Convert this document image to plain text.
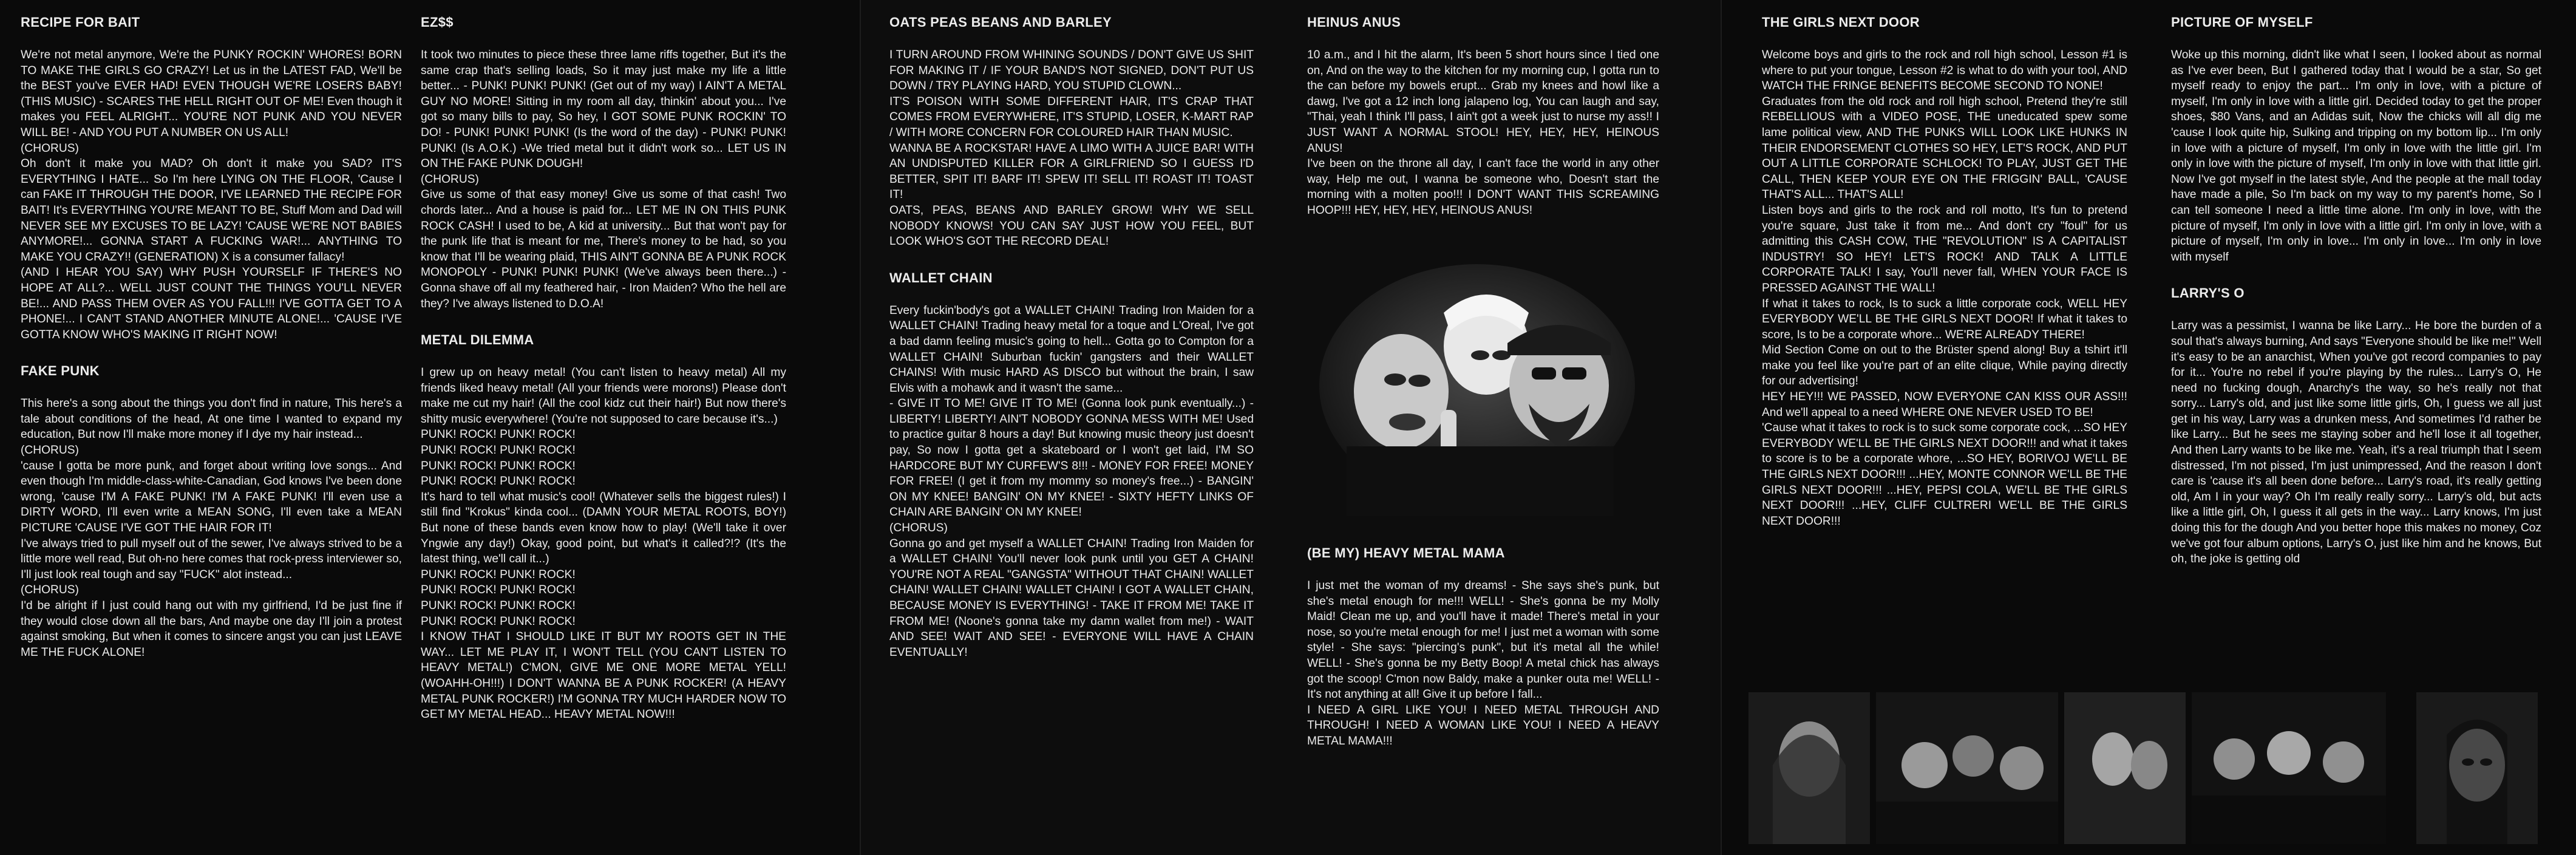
RECIPE FOR BAIT
We're not metal anymore, We're the PUNKY ROCKIN' WHORES! BORN TO MAKE THE GIRLS GO CRAZY! Let us in the LATEST FAD, We'll be the BEST you've EVER HAD! EVEN THOUGH WE'RE LOSERS BABY! (THIS MUSIC) - SCARES THE HELL RIGHT OUT OF ME! Even though it makes you FEEL ALRIGHT... YOU'RE NOT PUNK AND YOU NEVER WILL BE! - AND YOU PUT A NUMBER ON US ALL!
(CHORUS)
Oh don't it make you MAD? Oh don't it make you SAD? IT'S EVERYTHING I HATE... So I'm here LYING ON THE FLOOR, 'Cause I can FAKE IT THROUGH THE DOOR, I'VE LEARNED THE RECIPE FOR BAIT! It's EVERYTHING YOU'RE MEANT TO BE, Stuff Mom and Dad will NEVER SEE MY EXCUSES TO BE LAZY! 'CAUSE WE'RE NOT BABIES ANYMORE!... GONNA START A FUCKING WAR!... ANYTHING TO MAKE YOU CRAZY!! (GENERATION) X is a consumer fallacy!
(AND I HEAR YOU SAY) WHY PUSH YOURSELF IF THERE'S NO HOPE AT ALL?... WELL JUST COUNT THE THINGS YOU'LL NEVER BE!... AND PASS THEM OVER AS YOU FALL!!! I'VE GOTTA GET TO A PHONE!... I CAN'T STAND ANOTHER MINUTE ALONE!... 'CAUSE I'VE GOTTA KNOW WHO'S MAKING IT RIGHT NOW!
FAKE PUNK
This here's a song about the things you don't find in nature, This here's a tale about conditions of the head, At one time I wanted to expand my education, But now I'll make more money if I dye my hair instead...
(CHORUS)
'cause I gotta be more punk, and forget about writing love songs... And even though I'm middle-class-white-Canadian, God knows I've been done wrong, 'cause I'M A FAKE PUNK! I'M A FAKE PUNK! I'll even use a DIRTY WORD, I'll even write a MEAN SONG, I'll even take a MEAN PICTURE 'CAUSE I'VE GOT THE HAIR FOR IT!
I've always tried to pull myself out of the sewer, I've always strived to be a little more well read, But oh-no here comes that rock-press interviewer so, I'll just look real tough and say "FUCK" alot instead...
(CHORUS)
I'd be alright if I just could hang out with my girlfriend, I'd be just fine if they would close down all the bars, And maybe one day I'll join a protest against smoking, But when it comes to sincere angst you can just LEAVE ME THE FUCK ALONE!
EZ$$
It took two minutes to piece these three lame riffs together, But it's the same crap that's selling loads, So it may just make my life a little better... - PUNK! PUNK! PUNK! (Get out of my way) I AIN'T A METAL GUY NO MORE! Sitting in my room all day, thinkin' about you... I've got so many bills to pay, So hey, I GOT SOME PUNK ROCKIN' TO DO! - PUNK! PUNK! PUNK! (Is the word of the day) - PUNK! PUNK! PUNK! (Is A.O.K.) -We tried metal but it didn't work so... LET US IN ON THE FAKE PUNK DOUGH!
(CHORUS)
Give us some of that easy money! Give us some of that cash! Two chords later... And a house is paid for... LET ME IN ON THIS PUNK ROCK CASH! I used to be, A kid at university... But that won't pay for the punk life that is meant for me, There's money to be had, so you know that I'll be wearing plaid, THIS AIN'T GONNA BE A PUNK ROCK MONOPOLY - PUNK! PUNK! PUNK! (We've always been there...) - Gonna shave off all my feathered hair, - Iron Maiden? Who the hell are they? I've always listened to D.O.A!
METAL DILEMMA
I grew up on heavy metal! (You can't listen to heavy metal) All my friends liked heavy metal! (All your friends were morons!) Please don't make me cut my hair! (All the cool kidz cut their hair!) But now there's shitty music everywhere! (You're not supposed to care because it's...)
PUNK! ROCK! PUNK! ROCK!
PUNK! ROCK! PUNK! ROCK!
PUNK! ROCK! PUNK! ROCK!
PUNK! ROCK! PUNK! ROCK!
It's hard to tell what music's cool! (Whatever sells the biggest rules!) I still find "Krokus" kinda cool... (DAMN YOUR METAL ROOTS, BOY!) But none of these bands even know how to play! (We'll take it over Yngwie any day!) Okay, good point, but what's it called?!? (It's the latest thing, we'll call it...)
PUNK! ROCK! PUNK! ROCK!
PUNK! ROCK! PUNK! ROCK!
PUNK! ROCK! PUNK! ROCK!
PUNK! ROCK! PUNK! ROCK!
I KNOW THAT I SHOULD LIKE IT BUT MY ROOTS GET IN THE WAY... LET ME PLAY IT, I WON'T TELL (YOU CAN'T LISTEN TO HEAVY METAL!) C'MON, GIVE ME ONE MORE METAL YELL! (WOAHH-OH!!!) I DON'T WANNA BE A PUNK ROCKER! (A HEAVY METAL PUNK ROCKER!) I'M GONNA TRY MUCH HARDER NOW TO GET MY METAL HEAD... HEAVY METAL NOW!!!
OATS PEAS BEANS AND BARLEY
I TURN AROUND FROM WHINING SOUNDS / DON'T GIVE US SHIT FOR MAKING IT / IF YOUR BAND'S NOT SIGNED, DON'T PUT US DOWN / TRY PLAYING HARD, YOU STUPID CLOWN...
IT'S POISON WITH SOME DIFFERENT HAIR, IT'S CRAP THAT COMES FROM EVERYWHERE, IT'S STUPID, LOSER, K-MART RAP / WITH MORE CONCERN FOR COLOURED HAIR THAN MUSIC.
WANNA BE A ROCKSTAR! HAVE A LIMO WITH A JUICE BAR! WITH AN UNDISPUTED KILLER FOR A GIRLFRIEND SO I GUESS I'D BETTER, SPIT IT! BARF IT! SPEW IT! SELL IT! ROAST IT! TOAST IT!
OATS, PEAS, BEANS AND BARLEY GROW! WHY WE SELL NOBODY KNOWS! YOU CAN SAY JUST HOW YOU FEEL, BUT LOOK WHO'S GOT THE RECORD DEAL!
WALLET CHAIN
Every fuckin'body's got a WALLET CHAIN! Trading Iron Maiden for a WALLET CHAIN! Trading heavy metal for a toque and L'Oreal, I've got a bad damn feeling music's going to hell... Gotta go to Compton for a WALLET CHAIN! Suburban fuckin' gangsters and their WALLET CHAINS! With music HARD AS DISCO but without the brain, I saw Elvis with a mohawk and it wasn't the same...
- GIVE IT TO ME! GIVE IT TO ME! (Gonna look punk eventually...) - LIBERTY! LIBERTY! AIN'T NOBODY GONNA MESS WITH ME! Used to practice guitar 8 hours a day! But knowing music theory just doesn't pay, So now I gotta get a skateboard or I won't get laid, I'M SO HARDCORE BUT MY CURFEW'S 8!!! - MONEY FOR FREE! MONEY FOR FREE! (I get it from my mommy so money's free...) - BANGIN' ON MY KNEE! BANGIN' ON MY KNEE! - SIXTY HEFTY LINKS OF CHAIN ARE BANGIN' ON MY KNEE!
(CHORUS)
Gonna go and get myself a WALLET CHAIN! Trading Iron Maiden for a WALLET CHAIN! You'll never look punk until you GET A CHAIN! YOU'RE NOT A REAL "GANGSTA" WITHOUT THAT CHAIN! WALLET CHAIN! WALLET CHAIN! WALLET CHAIN! I GOT A WALLET CHAIN, BECAUSE MONEY IS EVERYTHING! - TAKE IT FROM ME! TAKE IT FROM ME! (Noone's gonna take my damn wallet from me!) - WAIT AND SEE! WAIT AND SEE! - EVERYONE WILL HAVE A CHAIN EVENTUALLY!
HEINUS ANUS
10 a.m., and I hit the alarm, It's been 5 short hours since I tied one on, And on the way to the kitchen for my morning cup, I gotta run to the can before my bowels erupt... Grab my knees and howl like a dawg, I've got a 12 inch long jalapeno log, You can laugh and say, "Thai, yeah I think I'll pass, I ain't got a week just to nurse my ass!! I JUST WANT A NORMAL STOOL! HEY, HEY, HEY, HEINOUS ANUS!
I've been on the throne all day, I can't face the world in any other way, Help me out, I wanna be someone who, Doesn't start the morning with a molten poo!!! I DON'T WANT THIS SCREAMING HOOP!!! HEY, HEY, HEY, HEINOUS ANUS!
(BE MY) HEAVY METAL MAMA
I just met the woman of my dreams! - She says she's punk, but she's metal enough for me!!! WELL! - She's gonna be my Molly Maid! Clean me up, and you'll have it made! There's metal in your nose, so you're metal enough for me! I just met a woman with some style! - She says: "piercing's punk", but it's metal all the while! WELL! - She's gonna be my Betty Boop! A metal chick has always got the scoop! C'mon now Baldy, make a punker outa me! WELL! - It's not anything at all! Give it up before I fall...
I NEED A GIRL LIKE YOU! I NEED METAL THROUGH AND THROUGH! I NEED A WOMAN LIKE YOU! I NEED A HEAVY METAL MAMA!!!
THE GIRLS NEXT DOOR
Welcome boys and girls to the rock and roll high school, Lesson #1 is where to put your tongue, Lesson #2 is what to do with your tool, AND WATCH THE FRINGE BENEFITS BECOME SECOND TO NONE!
Graduates from the old rock and roll high school, Pretend they're still REBELLIOUS with a VIDEO POSE, THE uneducated spew some lame political view, AND THE PUNKS WILL LOOK LIKE HUNKS IN THEIR ENDORSEMENT CLOTHES SO HEY, LET'S ROCK, AND PUT OUT A LITTLE CORPORATE SCHLOCK! TO PLAY, JUST GET THE CALL, THEN KEEP YOUR EYE ON THE FRIGGIN' BALL, 'CAUSE THAT'S ALL... THAT'S ALL!
Listen boys and girls to the rock and roll motto, It's fun to pretend you're square, Just take it from me... And don't cry "foul" for us admitting this CASH COW, THE "REVOLUTION" IS A CAPITALIST INDUSTRY! SO HEY! LET'S ROCK! AND TALK A LITTLE CORPORATE TALK! I say, You'll never fall, WHEN YOUR FACE IS PRESSED AGAINST THE WALL!
If what it takes to rock, Is to suck a little corporate cock, WELL HEY EVERYBODY WE'LL BE THE GIRLS NEXT DOOR! If what it takes to score, Is to be a corporate whore... WE'RE ALREADY THERE!
Mid Section Come on out to the Brüster spend along! Buy a tshirt it'll make you feel like you're part of an elite clique, While paying directly for our advertising!
HEY HEY!!! WE PASSED, NOW EVERYONE CAN KISS OUR ASS!!! And we'll appeal to a need WHERE ONE NEVER USED TO BE!
'Cause what it takes to rock is to suck some corporate cock, ...SO HEY EVERYBODY WE'LL BE THE GIRLS NEXT DOOR!!! and what it takes to score is to be a corporate whore, ...SO HEY, BORIVOJ WE'LL BE THE GIRLS NEXT DOOR!!! ...HEY, MONTE CONNOR WE'LL BE THE GIRLS NEXT DOOR!!! ...HEY, PEPSI COLA, WE'LL BE THE GIRLS NEXT DOOR!!! ...HEY, CLIFF CULTRERI WE'LL BE THE GIRLS NEXT DOOR!!!
PICTURE OF MYSELF
Woke up this morning, didn't like what I seen, I looked about as normal as I've ever been, But I gathered today that I would be a star, So get myself ready to enjoy the part... I'm only in love, with a picture of myself, I'm only in love with a little girl. Decided today to get the proper shoes, $80 Vans, and an Adidas suit, Now the chicks will all dig me 'cause I look quite hip, Sulking and tripping on my bottom lip... I'm only in love with a picture of myself, I'm only in love with the little girl. I'm only in love with the picture of myself, I'm only in love with that little girl. Now I've got myself in the latest style, And the people at the mall today have made a pile, So I'm back on my way to my parent's home, So I can tell someone I need a little time alone. I'm only in love, with the picture of myself, I'm only in love with a little girl. I'm only in love, with a picture of myself, I'm only in love... I'm only in love... I'm only in love with myself
LARRY'S O
Larry was a pessimist, I wanna be like Larry... He bore the burden of a soul that's always burning, And says "Everyone should be like me!" Well it's easy to be an anarchist, When you've got record companies to pay for it... You're no rebel if you're playing by the rules... Larry's O, He need no fucking dough, Anarchy's the way, so he's really not that sorry... Larry's old, and just like some little girls, Oh, I guess we all just get in his way, Larry was a drunken mess, And sometimes I'd rather be like Larry... But he sees me staying sober and he'll lose it all together, And then Larry wants to be like me. Yeah, it's a real triumph that I seem distressed, I'm not pissed, I'm just unimpressed, And the reason I don't care is 'cause it's all been done before... Larry's road, it's really getting old, Am I in your way? Oh I'm really really sorry... Larry's old, but acts like a little girl, Oh, I guess it all gets in the way... Larry knows, I'm just doing this for the dough And you better hope this makes no money, Coz we've got four album options, Larry's O, just like him and he knows, But oh, the joke is getting old
